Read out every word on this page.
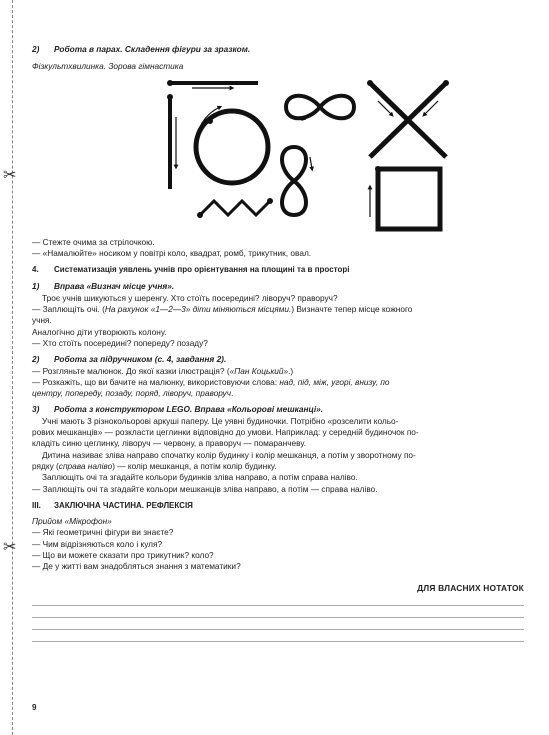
✂
✂
2) Робота в парах. Складення фігури за зразком.
Фізкультхвилинка. Зорова гімнастика
— Стежте очима за стрілочкою.
— «Намалюйте» носиком у повітрі коло, квадрат, ромб, трикутник, овал.
4. Систематизація уявлень учнів про орієнтування на площині та в просторі
1) Вправа «Визнач місце учня».
Троє учнів шикуються у шеренгу. Хто стоїть посередині? ліворуч? праворуч?
— Заплющіть очі. (На рахунок «1—2—3» діти міняються місцями.) Визначте тепер місце кожного
учня.
Аналогічно діти утворюють колону.
— Хто стоїть посередині? попереду? позаду?
2) Робота за підручником (с. 4, завдання 2).
— Розгляньте малюнок. До якої казки ілюстрація? («Пан Коцький».)
— Розкажіть, що ви бачите на малюнку, використовуючи слова: над, під, між, угорі, внизу, по
центру, попереду, позаду, поряд, ліворуч, праворуч.
3) Робота з конструктором LEGO. Вправа «Кольорові мешканці».
Учні мають 3 різнокольорові аркуші паперу. Це уявні будиночки. Потрібно «розселити кольо-
рових мешканців» — розкласти цеглинки відповідно до умови. Наприклад: у середній будиночок по-
кладіть синю цеглинку, ліворуч — червону, а праворуч — помаранчеву.
Дитина називає зліва направо спочатку колір будинку і колір мешканця, а потім у зворотному по-
рядку (справа наліво) — колір мешканця, а потім колір будинку.
Заплющіть очі та згадайте кольори будинків зліва направо, а потім справа наліво.
— Заплющіть очі та згадайте кольори мешканців зліва направо, а потім — справа наліво.
III. ЗАКЛЮЧНА ЧАСТИНА. РЕФЛЕКСІЯ
Прийом «Мікрофон»
— Які геометричні фігури ви знаєте?
— Чим відрізняються коло і куля?
— Що ви можете сказати про трикутник? коло?
— Де у житті вам знадобляться знання з математики?
ДЛЯ ВЛАСНИХ НОТАТОК
9
